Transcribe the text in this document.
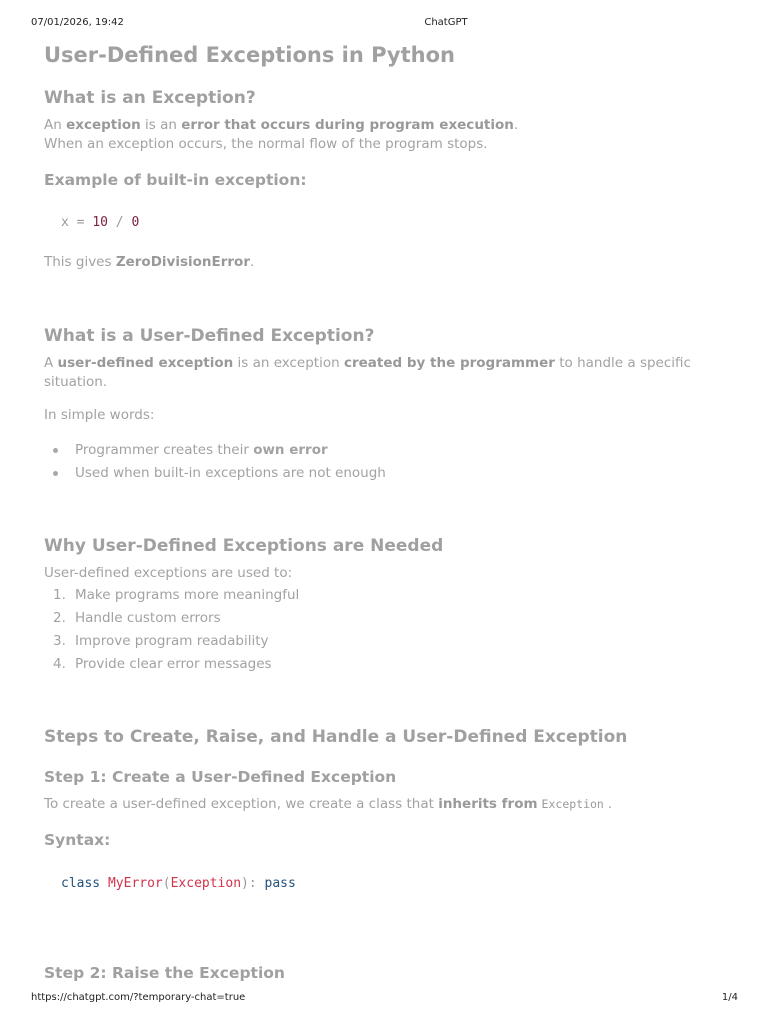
07/01/2026, 19:42	ChatGPT
User-Defined Exceptions in Python
What is an Exception?

An exception is an error that occurs during program execution.
When an exception occurs, the normal flow of the program stops.

Example of built-in exception:
x = 10 / 0

This gives ZeroDivisionError.

What is a User-Defined Exception?

A user-defined exception is an exception created by the programmer to handle a specific situation.

In simple words:

Programmer creates their own error
Used when built-in exceptions are not enough
Why User-Defined Exceptions are Needed

User-defined exceptions are used to:

1. Make programs more meaningful
2. Handle custom errors
3. Improve program readability
4. Provide clear error messages
Steps to Create, Raise, and Handle a User-Defined Exception
Step 1: Create a User-Defined Exception

To create a user-defined exception, we create a class that inherits from Exception .

Syntax:
class MyError(Exception): pass
Step 2: Raise the Exception
https://chatgpt.com/?temporary-chat=true	1/4
